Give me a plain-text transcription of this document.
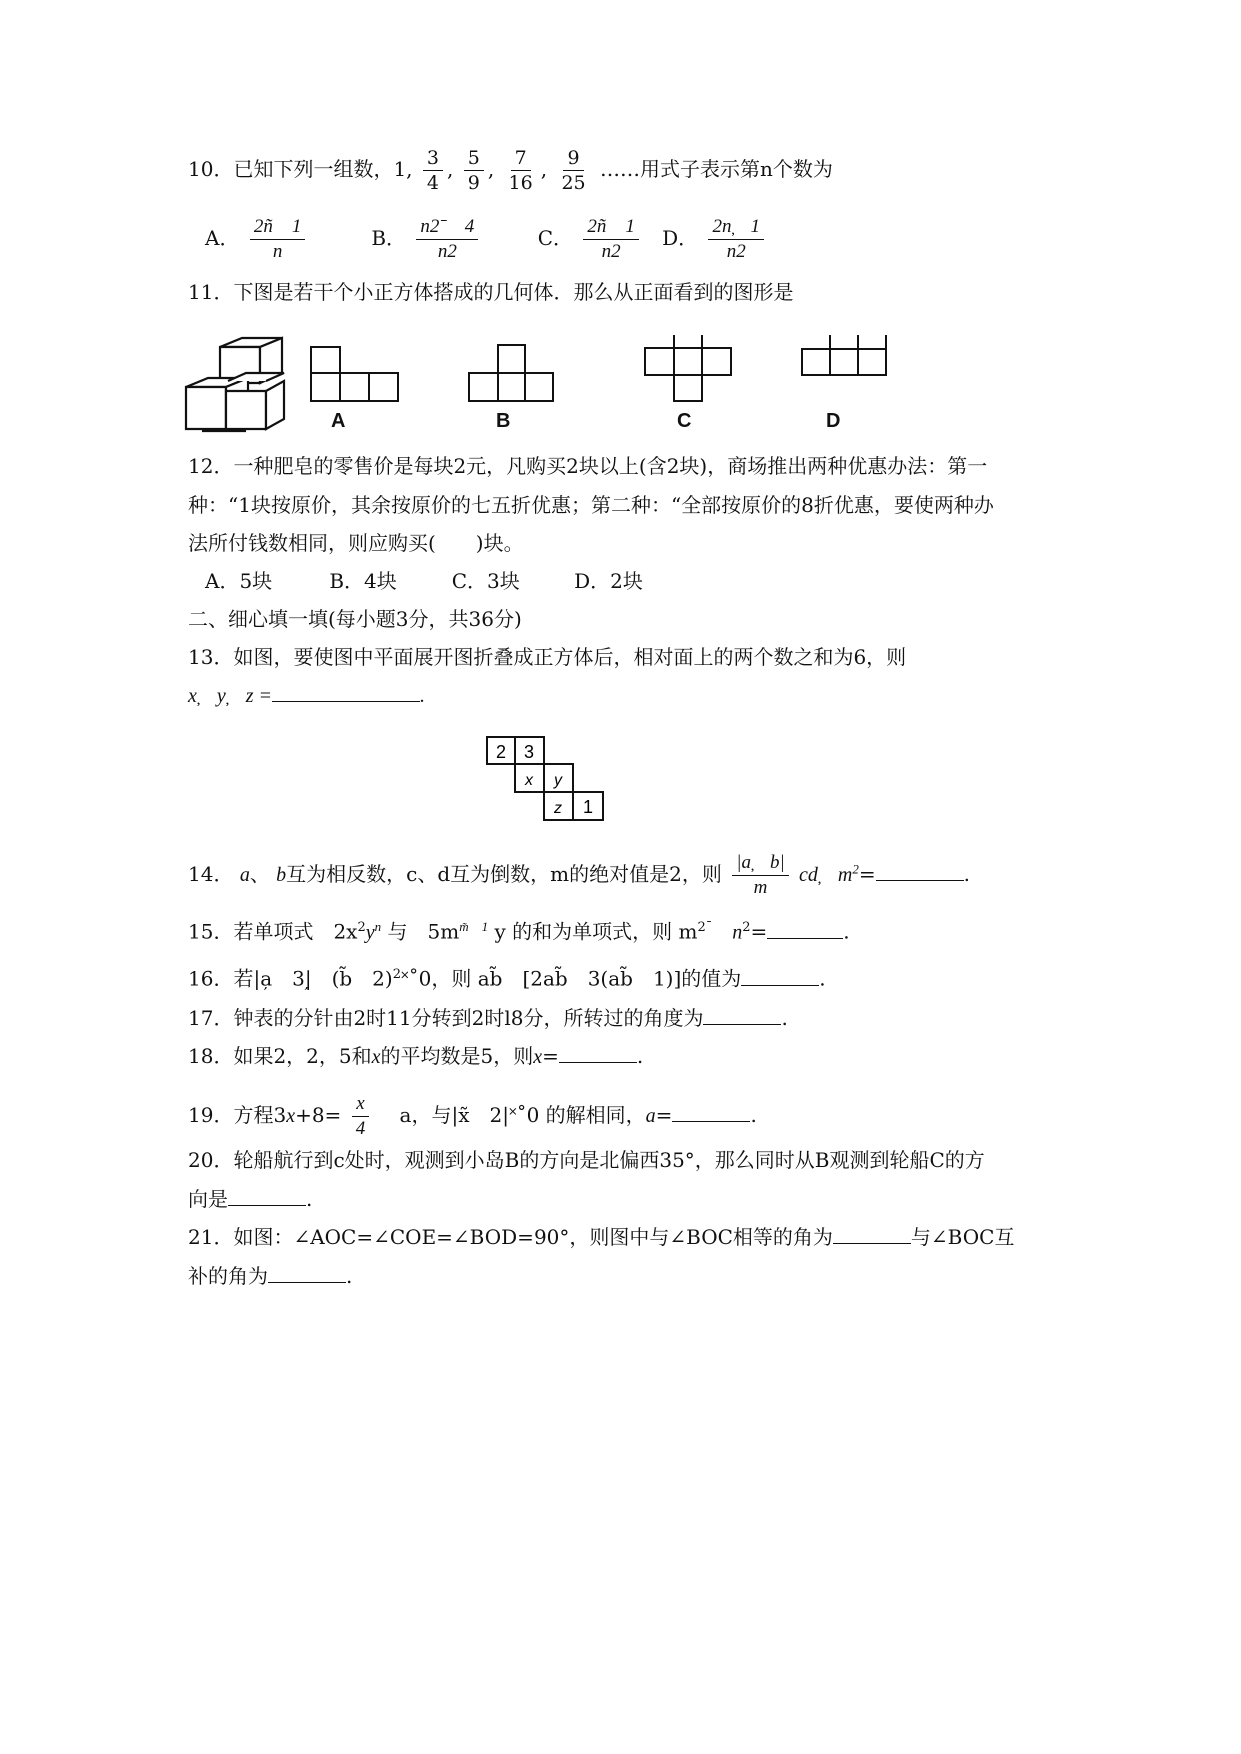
10．已知下列一组数，1, $\frac{3}{4}$ , $\frac{5}{9}$ , $\frac{7}{16}$ , $\frac{9}{25}$ ……用式子表示第n个数为
A． $\frac{2ñ 1}{n}$	B． $\frac{\text{n2ˉ　4}}{n2}$	C． $\frac{2ñ 1}{n2}$ D． $\frac{2n̦ 1}{n2}$
11．下图是若干个小正方体搭成的几何体．那么从正面看到的图形是
A	B	C	D
12．一种肥皂的零售价是每块2元，凡购买2块以上(含2块)，商场推出两种优惠办法：第一
种：“1块按原价，其余按原价的七五折优惠；第二种：“全部按原价的8折优惠，要使两种办
法所付钱数相同，则应购买(　　)块。
A．5块	B．4块	C．3块	D．2块
二、细心填一填(每小题3分，共36分)
13．如图，要使图中平面展开图折叠成正方体后，相对面上的两个数之和为6，则
x̦　y̦　z =	.
2 3
x y
z 1
14． a、 b互为相反数，c、d互为倒数，m的绝对值是2，则 $\frac{|a̦ b|}{m}$ cd̦　$m^2=$	.
15．若单项式　$2x^2y^n$ 与　$5m^{m̃ 1}$ y 的和为单项式，则 $m^{2ˉ}$　$n^2=$	.
16．若|a̦　3|̦　(b̃　2)$^2$˟˚0，则 ab̃　[2ab̃　3(ab̃　1)]的值为	.
17．钟表的分针由2时11分转到2时l8分，所转过的角度为	.
18．如果2，2，5和x的平均数是5，则x=	.
19．方程$3x+8= \frac{x}{4}$ 　a，与|x̃　2|˟˚0 的解相同，a=	.
20．轮船航行到c处时，观测到小岛B的方向是北偏西35°，那么同时从B观测到轮船C的方
向是	.
21．如图：∠AOC=∠COE=∠BOD=90°，则图中与∠BOC相等的角为	与∠BOC互
补的角为	.
